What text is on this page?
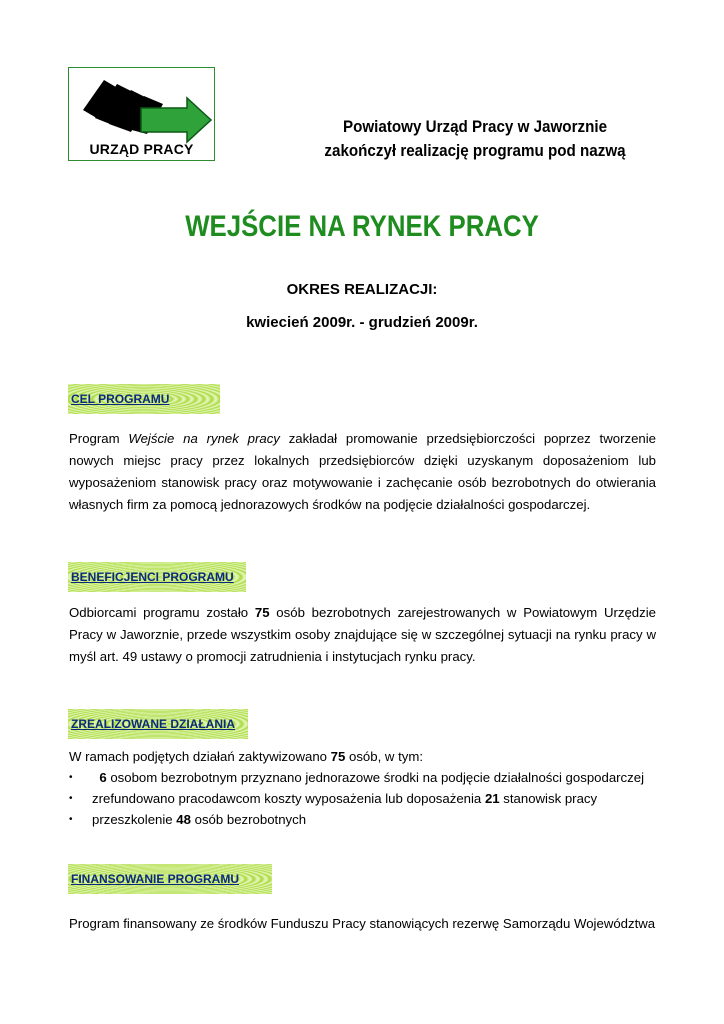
URZĄD PRACY
Powiatowy Urząd Pracy w Jaworznie
zakończył realizację programu pod nazwą
WEJŚCIE NA RYNEK PRACY
OKRES REALIZACJI:
kwiecień 2009r. - grudzień 2009r.
CEL PROGRAMU
Program Wejście na rynek pracy zakładał promowanie przedsiębiorczości poprzez tworzenie nowych miejsc pracy przez lokalnych przedsiębiorców dzięki uzyskanym doposażeniom lub wyposażeniom stanowisk pracy oraz motywowanie i zachęcanie osób bezrobotnych do otwierania własnych firm za pomocą jednorazowych środków na podjęcie działalności gospodarczej.
BENEFICJENCI PROGRAMU
Odbiorcami programu zostało 75 osób bezrobotnych zarejestrowanych w Powiatowym Urzędzie Pracy w Jaworznie, przede wszystkim osoby znajdujące się w szczególnej sytuacji na rynku pracy w myśl art. 49 ustawy o promocji zatrudnienia i instytucjach rynku pracy.
ZREALIZOWANE DZIAŁANIA
W ramach podjętych działań zaktywizowano 75 osób, w tym:
• 6 osobom bezrobotnym przyznano jednorazowe środki na podjęcie działalności gospodarczej
• zrefundowano pracodawcom koszty wyposażenia lub doposażenia 21 stanowisk pracy
• przeszkolenie 48 osób bezrobotnych
FINANSOWANIE PROGRAMU
Program finansowany ze środków Funduszu Pracy stanowiących rezerwę Samorządu Województwa
